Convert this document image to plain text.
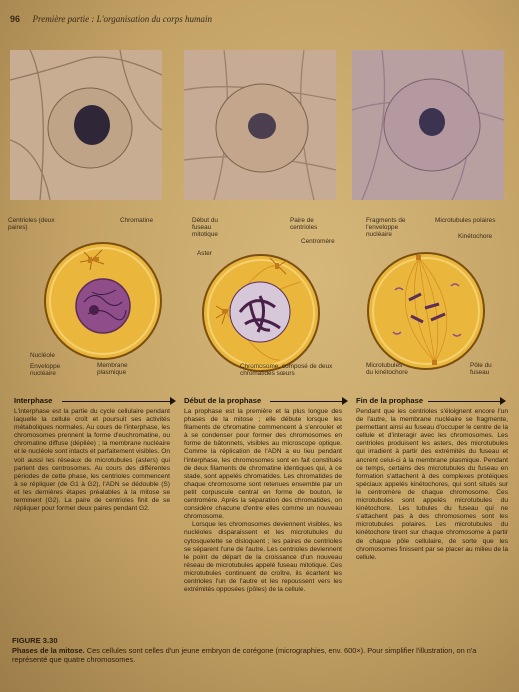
96 Première partie : L'organisation du corps humain
Centrioles (deux paires)
Chromatine
Nucléole
Enveloppe nucléaire
Membrane plasmique
Début du fuseau mitotique
Paire de centrioles
Centromère
Aster
Chromosome, composé de deux chromatides sœurs
Fragments de l'enveloppe nucléaire
Microtubules polaires
Kinétochore
Microtubules du kinétochore
Pôle du fuseau
Interphase	Début de la prophase	Fin de la prophase

L'interphase est la partie du cycle cellulaire pendant laquelle la cellule croît et poursuit ses activités métaboliques normales. Au cours de l'interphase, les chromosomes prennent la forme d'euchromatine, ou chromatine diffuse (dépliée) ; la membrane nucléaire et le nucléole sont intacts et parfaitement visibles. On voit aussi les réseaux de microtubules (asters) qui partent des centrosomes. Au cours des différentes périodes de cette phase, les centrioles commencent à se répliquer (de G1 à G2), l'ADN se dédouble (S) et les dernières étapes préalables à la mitose se terminent (G2). La paire de centrioles finit de se répliquer pour former deux paires pendant G2.

La prophase est la première et la plus longue des phases de la mitose ; elle débute lorsque les filaments de chromatine commencent à s'enrouler et à se condenser pour former des chromosomes en forme de bâtonnets, visibles au microscope optique. Comme la réplication de l'ADN a eu lieu pendant l'interphase, les chromosomes sont en fait constitués de deux filaments de chromatine identiques qui, à ce stade, sont appelés chromatides. Les chromatides de chaque chromosome sont retenues ensemble par un petit corpuscule central en forme de bouton, le centromère. Après la séparation des chromatides, on considère chacune d'entre elles comme un nouveau chromosome.

Lorsque les chromosomes deviennent visibles, les nucléoles disparaissent et les microtubules du cytosquelette se disloquent ; les paires de centrioles se séparent l'une de l'autre. Les centrioles deviennent le point de départ de la croissance d'un nouveau réseau de microtubules appelé fuseau mitotique. Ces microtubules continuent de croître, ils écartent les centrioles l'un de l'autre et les repoussent vers les extrémités opposées (pôles) de la cellule.

Pendant que les centrioles s'éloignent encore l'un de l'autre, la membrane nucléaire se fragmente, permettant ainsi au fuseau d'occuper le centre de la cellule et d'interagir avec les chromosomes. Les centrioles produisent les asters, des microtubules qui irradient à partir des extrémités du fuseau et ancrent celui-ci à la membrane plasmique. Pendant ce temps, certains des microtubules du fuseau en formation s'attachent à des complexes protéiques spéciaux appelés kinétochores, qui sont situés sur le centromère de chaque chromosome. Ces microtubules sont appelés microtubules du kinétochore. Les tubules du fuseau qui ne s'attachent pas à des chromosomes sont les microtubules polaires. Les microtubules du kinétochore tirent sur chaque chromosome à partir de chaque pôle cellulaire, de sorte que les chromosomes finissent par se placer au milieu de la cellule.

FIGURE 3.30
Phases de la mitose. Ces cellules sont celles d'un jeune embryon de corégone (micrographies, env. 600×). Pour simplifier l'illustration, on n'a représenté que quatre chromosomes.
